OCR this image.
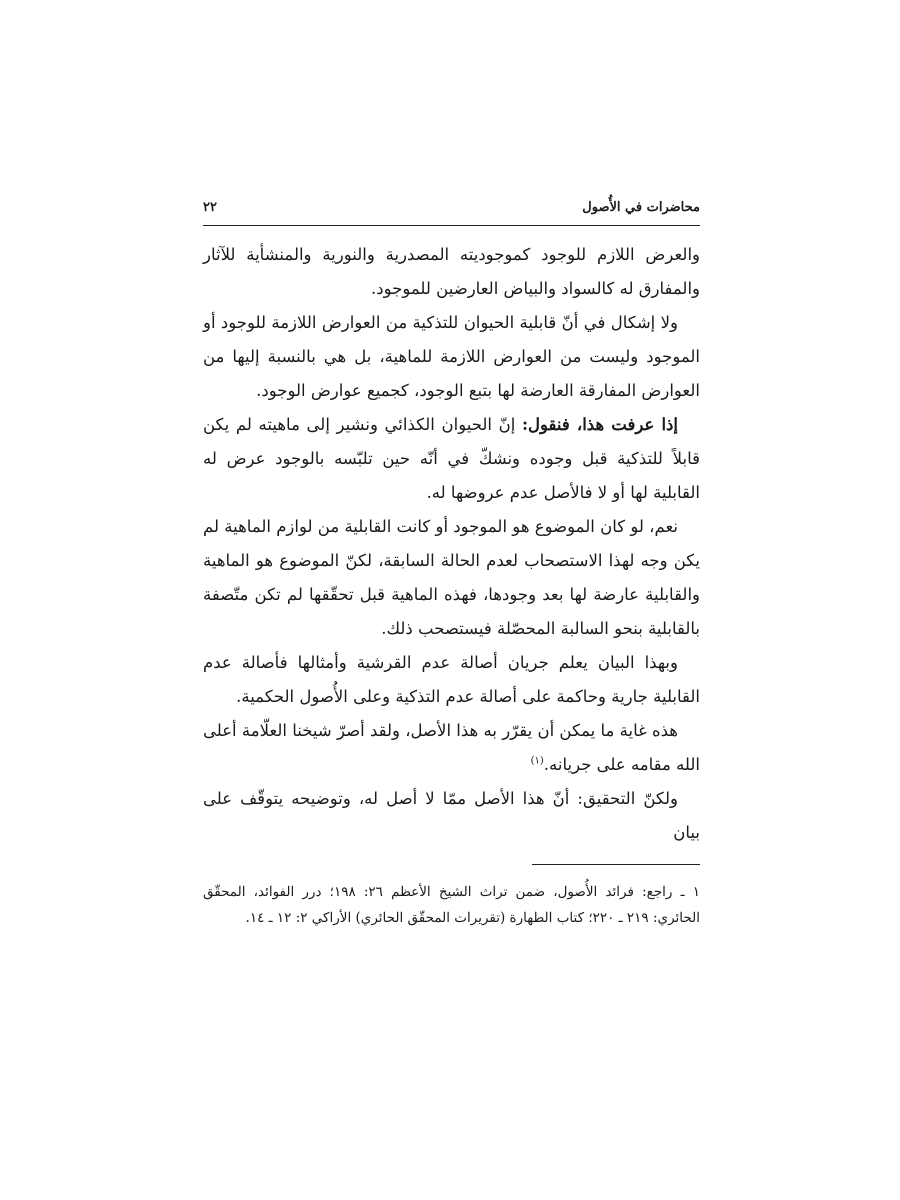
محاضرات في الأُصول
٢٢

والعرض اللازم للوجود كموجوديته المصدرية والنورية والمنشأية للآثار والمفارق له كالسواد والبياض العارضين للموجود.

ولا إشكال في أنّ قابلية الحيوان للتذكية من العوارض اللازمة للوجود أو الموجود وليست من العوارض اللازمة للماهية، بل هي بالنسبة إليها من العوارض المفارقة العارضة لها بتبع الوجود، كجميع عوارض الوجود.

إذا عرفت هذا، فنقول: إنّ الحيوان الكذائي ونشير إلى ماهيته لم يكن قابلاً للتذكية قبل وجوده ونشكّ في أنّه حين تلبّسه بالوجود عرض له القابلية لها أو لا فالأصل عدم عروضها له.

نعم، لو كان الموضوع هو الموجود أو كانت القابلية من لوازم الماهية لم يكن وجه لهذا الاستصحاب لعدم الحالة السابقة، لكنّ الموضوع هو الماهية والقابلية عارضة لها بعد وجودها، فهذه الماهية قبل تحقّقها لم تكن متّصفة بالقابلية بنحو السالبة المحصّلة فيستصحب ذلك.

وبهذا البيان يعلم جريان أصالة عدم القرشية وأمثالها فأصالة عدم القابلية جارية وحاكمة على أصالة عدم التذكية وعلى الأُصول الحكمية.

هذه غاية ما يمكن أن يقرّر به هذا الأصل، ولقد أصرّ شيخنا العلّامة أعلى الله مقامه على جريانه.$^{(١)}$

ولكنّ التحقيق: أنّ هذا الأصل ممّا لا أصل له، وتوضيحه يتوقّف على بيان

١ ـ راجع: فرائد الأُصول، ضمن تراث الشيخ الأعظم ٢٦: ١٩٨؛ درر الفوائد، المحقّق الحائري: ٢١٩ ـ ٢٢٠؛ كتاب الطهارة (تقريرات المحقّق الحائري) الأراكي ٢: ١٢ ـ ١٤.
